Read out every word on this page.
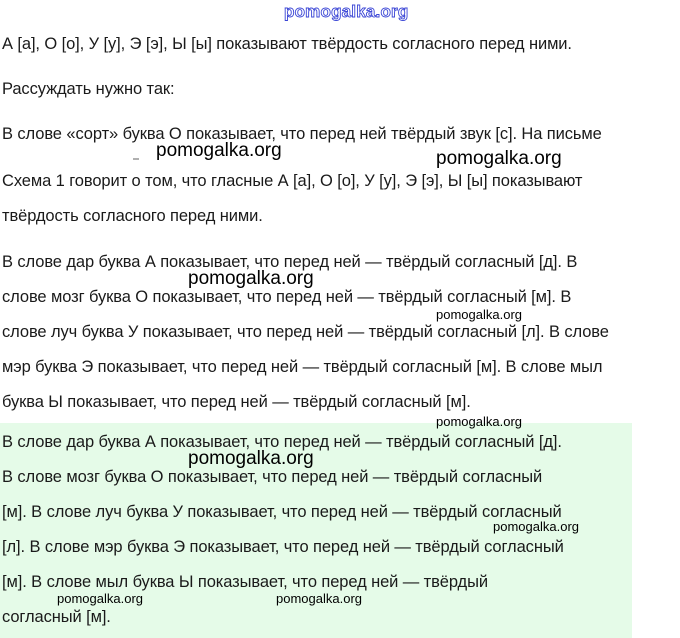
А [а], О [о], У [у], Э [э], Ы [ы] показывают твёрдость согласного перед ними.

Рассуждать нужно так:

В слове «сорт» буква О показывает, что перед ней твёрдый звук [с]. На письме

Схема 1 говорит о том, что гласные А [а], О [о], У [у], Э [э], Ы [ы] показывают
твёрдость согласного перед ними.

В слове дар буква А показывает, что перед ней — твёрдый согласный [д]. В
слове мозг буква О показывает, что перед ней — твёрдый согласный [м]. В
слове луч буква У показывает, что перед ней — твёрдый согласный [л]. В слове
мэр буква Э показывает, что перед ней — твёрдый согласный [м]. В слове мыл
буква Ы показывает, что перед ней — твёрдый согласный [м].

В слове дар буква А показывает, что перед ней — твёрдый согласный [д].
В слове мозг буква О показывает, что перед ней — твёрдый согласный
[м]. В слове луч буква У показывает, что перед ней — твёрдый согласный
[л]. В слове мэр буква Э показывает, что перед ней — твёрдый согласный
[м]. В слове мыл буква Ы показывает, что перед ней — твёрдый
согласный [м].

pomogalka.org
pomogalka.org	pomogalka.org
pomogalka.org
pomogalka.org
pomogalka.org
pomogalka.org
pomogalka.org
pomogalka.org	pomogalka.org
